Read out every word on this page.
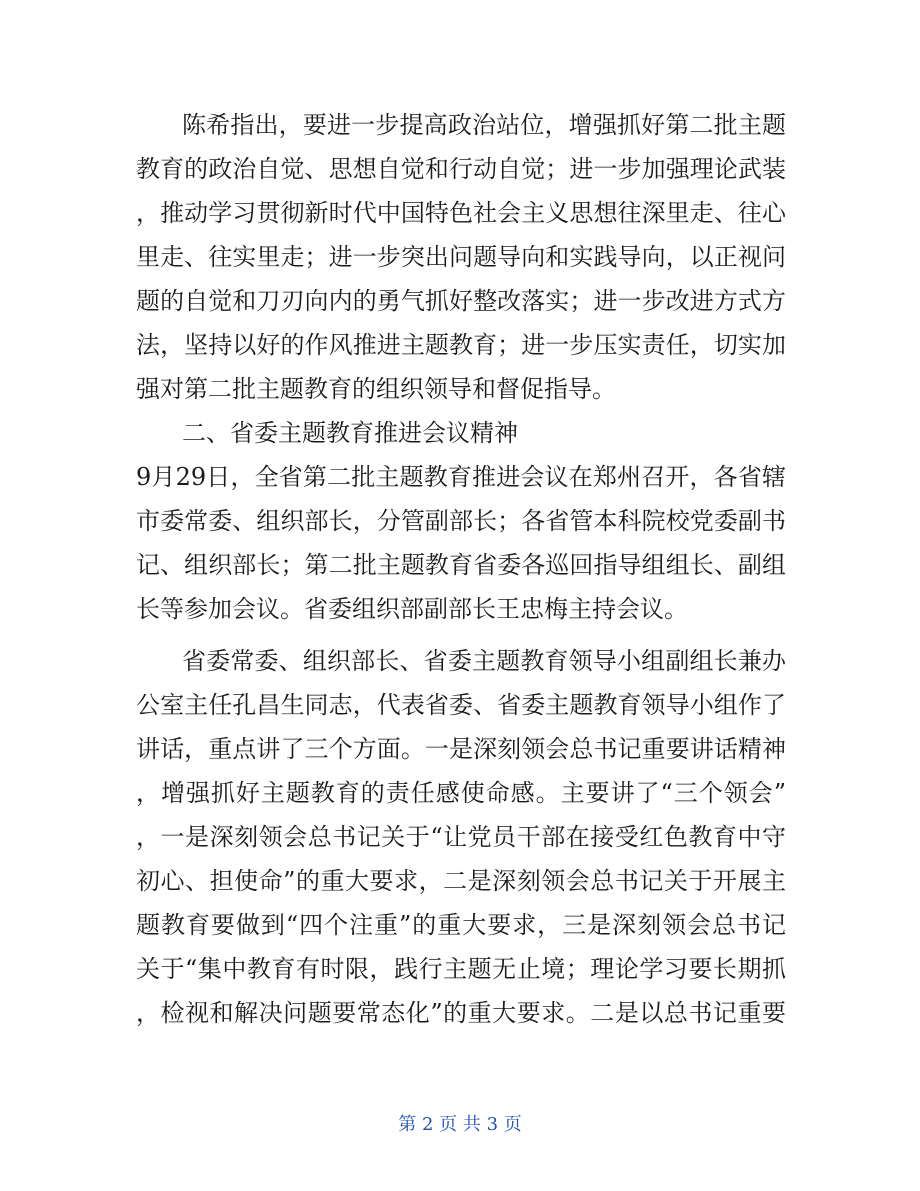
陈希指出，要进一步提高政治站位，增强抓好第二批主题
教育的政治自觉、思想自觉和行动自觉；进一步加强理论武装
，推动学习贯彻新时代中国特色社会主义思想往深里走、往心
里走、往实里走；进一步突出问题导向和实践导向，以正视问
题的自觉和刀刃向内的勇气抓好整改落实；进一步改进方式方
法，坚持以好的作风推进主题教育；进一步压实责任，切实加
强对第二批主题教育的组织领导和督促指导。
二、省委主题教育推进会议精神
9月29日，全省第二批主题教育推进会议在郑州召开，各省辖
市委常委、组织部长，分管副部长；各省管本科院校党委副书
记、组织部长；第二批主题教育省委各巡回指导组组长、副组
长等参加会议。省委组织部副部长王忠梅主持会议。
省委常委、组织部长、省委主题教育领导小组副组长兼办
公室主任孔昌生同志，代表省委、省委主题教育领导小组作了
讲话，重点讲了三个方面。一是深刻领会总书记重要讲话精神
，增强抓好主题教育的责任感使命感。主要讲了“三个领会”
，一是深刻领会总书记关于“让党员干部在接受红色教育中守
初心、担使命”的重大要求，二是深刻领会总书记关于开展主
题教育要做到“四个注重”的重大要求，三是深刻领会总书记
关于“集中教育有时限，践行主题无止境；理论学习要长期抓
，检视和解决问题要常态化”的重大要求。二是以总书记重要
第 2 页 共 3 页
